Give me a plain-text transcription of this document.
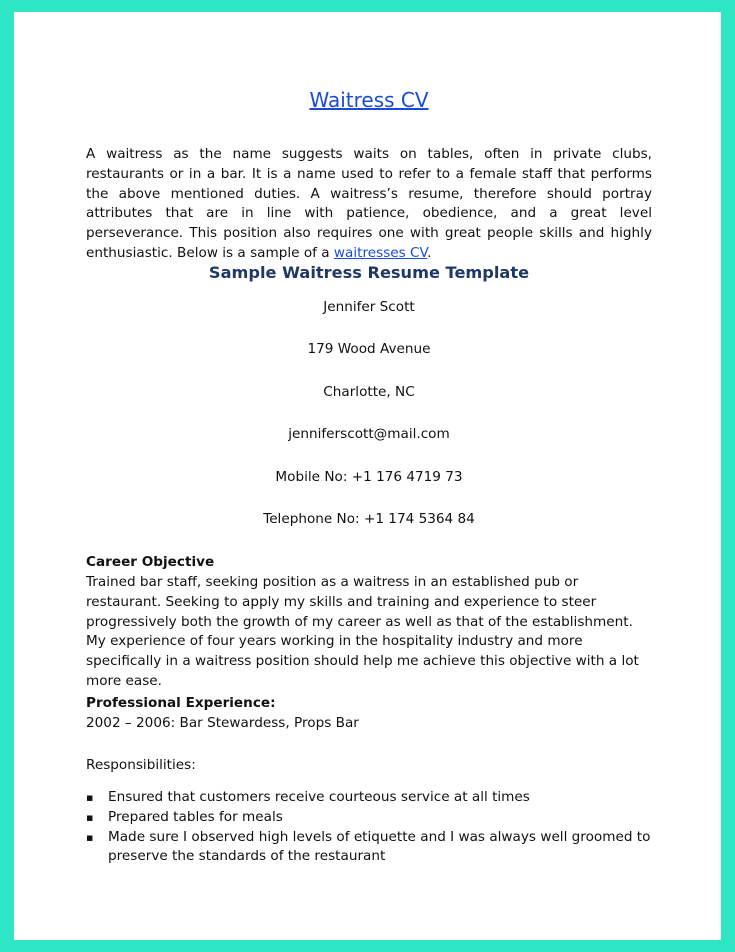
Waitress CV

A waitress as the name suggests waits on tables, often in private clubs, restaurants or in a bar. It is a name used to refer to a female staff that performs the above mentioned duties. A waitress’s resume, therefore should portray attributes that are in line with patience, obedience, and a great level perseverance. This position also requires one with great people skills and highly enthusiastic. Below is a sample of a waitresses CV.

Sample Waitress Resume Template
Jennifer Scott
179 Wood Avenue
Charlotte, NC
jenniferscott@mail.com
Mobile No: +1 176 4719 73
Telephone No: +1 174 5364 84
Career Objective

Trained bar staff, seeking position as a waitress in an established pub or restaurant. Seeking to apply my skills and training and experience to steer progressively both the growth of my career as well as that of the establishment. My experience of four years working in the hospitality industry and more specifically in a waitress position should help me achieve this objective with a lot more ease.

Professional Experience:
2002 – 2006: Bar Stewardess, Props Bar
Responsibilities:
▪ Ensured that customers receive courteous service at all times
▪ Prepared tables for meals
▪ Made sure I observed high levels of etiquette and I was always well groomed to preserve the standards of the restaurant
